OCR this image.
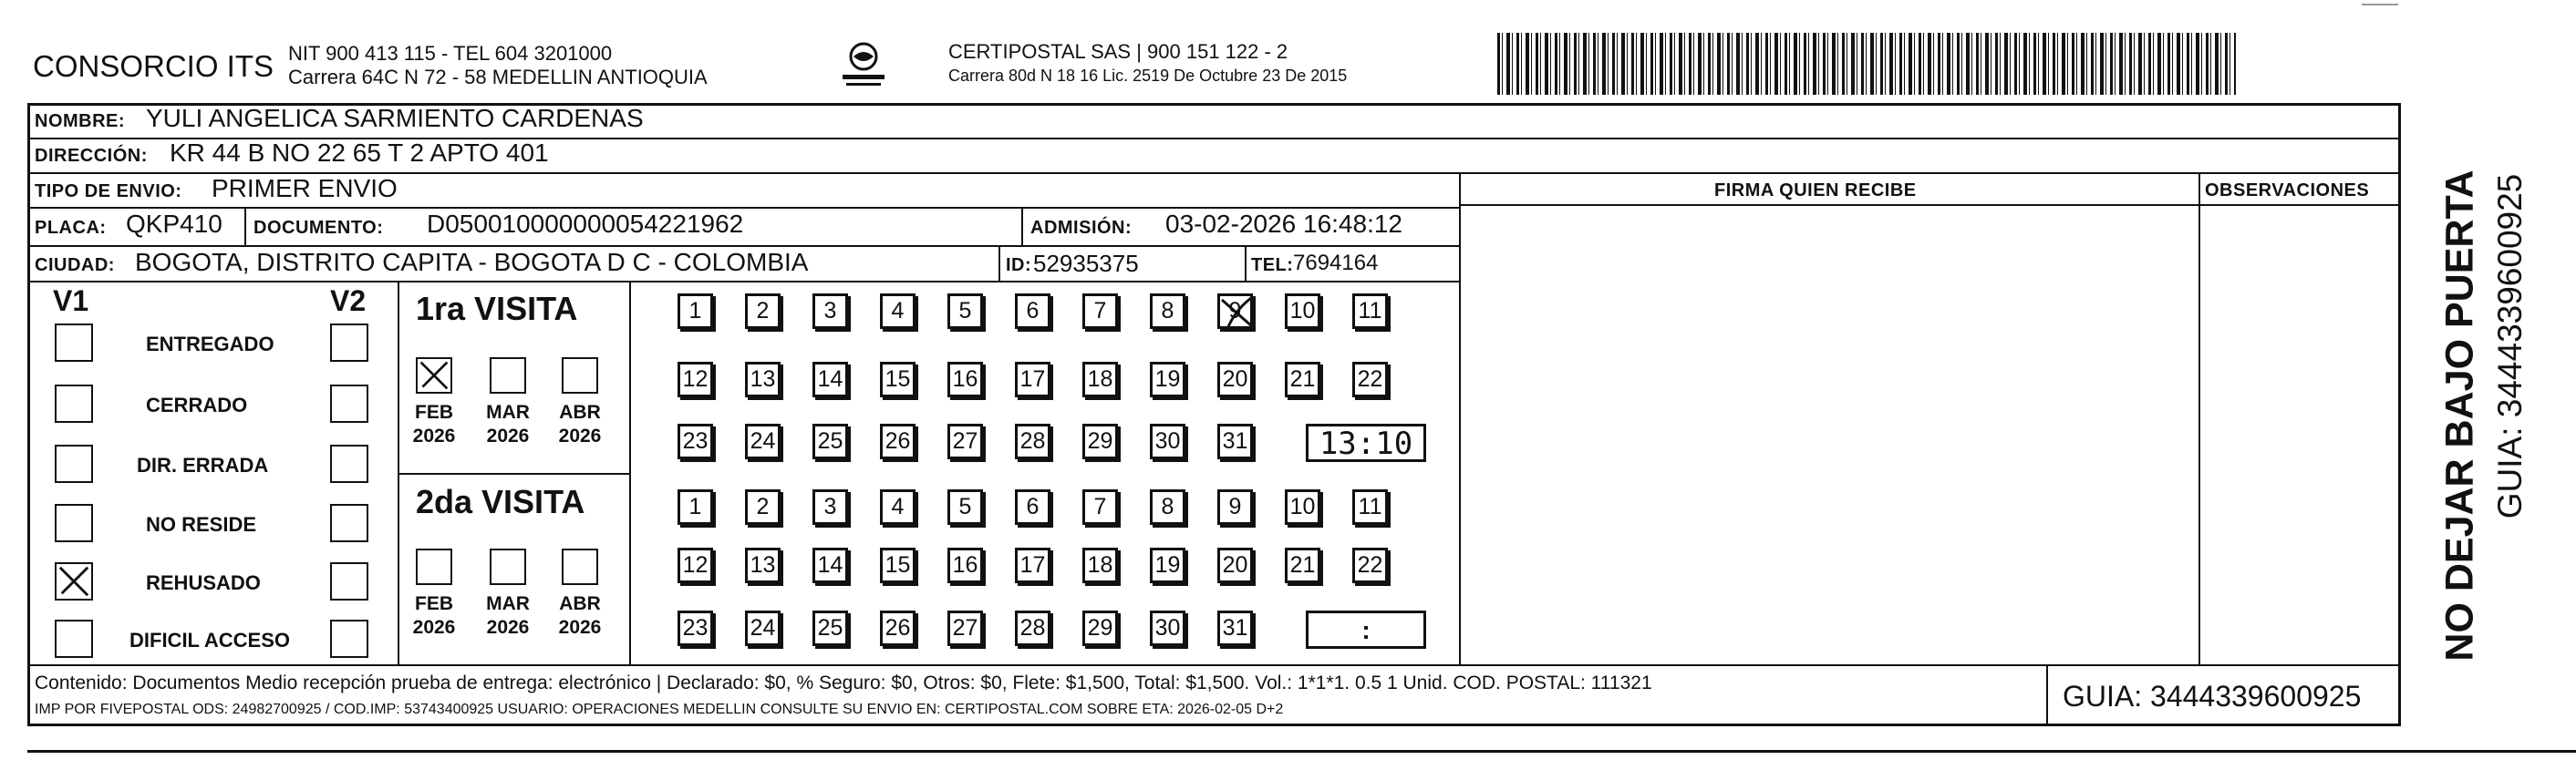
CONSORCIO ITS NIT 900 413 115 - TEL 604 3201000
Carrera 64C N 72 - 58 MEDELLIN ANTIOQUIA
CERTIPOSTAL SAS | 900 151 122 - 2
Carrera 80d N 18 16 Lic. 2519 De Octubre 23 De 2015
NOMBRE: YULI ANGELICA SARMIENTO CARDENAS
DIRECCIÓN: KR 44 B NO 22 65 T 2 APTO 401
TIPO DE ENVIO: PRIMER ENVIO	FIRMA QUIEN RECIBE	OBSERVACIONES
PLACA: QKP410 DOCUMENTO: D050010000000054221962	ADMISIÓN: 03-02-2026 16:48:12
CIUDAD: BOGOTA, DISTRITO CAPITA - BOGOTA D C - COLOMBIA	ID: 52935375	TEL: 7694164
V1	V2
ENTREGADO
CERRADO
DIR. ERRADA
NO RESIDE
REHUSADO
DIFICIL ACCESO
1ra VISITA
2da VISITA
FEB
2026
MAR
2026
ABR
2026
FEB
2026
MAR
2026
ABR
2026
1 2 3 4 5 6 7 8 9 10 11
12 13 14 15 16 17 18 19 20 21 22
23 24 25 26 27 28 29 30 31
1 2 3 4 5 6 7 8 9 10 11
12 13 14 15 16 17 18 19 20 21 22
23 24 25 26 27 28 29 30 31
13:10
:
Contenido: Documentos Medio recepción prueba de entrega: electrónico | Declarado: $0, % Seguro: $0, Otros: $0, Flete: $1,500, Total: $1,500. Vol.: 1*1*1. 0.5 1 Unid. COD. POSTAL: 111321
IMP POR FIVEPOSTAL ODS: 24982700925 / COD.IMP: 53743400925 USUARIO: OPERACIONES MEDELLIN CONSULTE SU ENVIO EN: CERTIPOSTAL.COM SOBRE ETA: 2026-02-05 D+2	GUIA: 3444339600925
NO DEJAR BAJO PUERTA GUIA: 3444339600925
